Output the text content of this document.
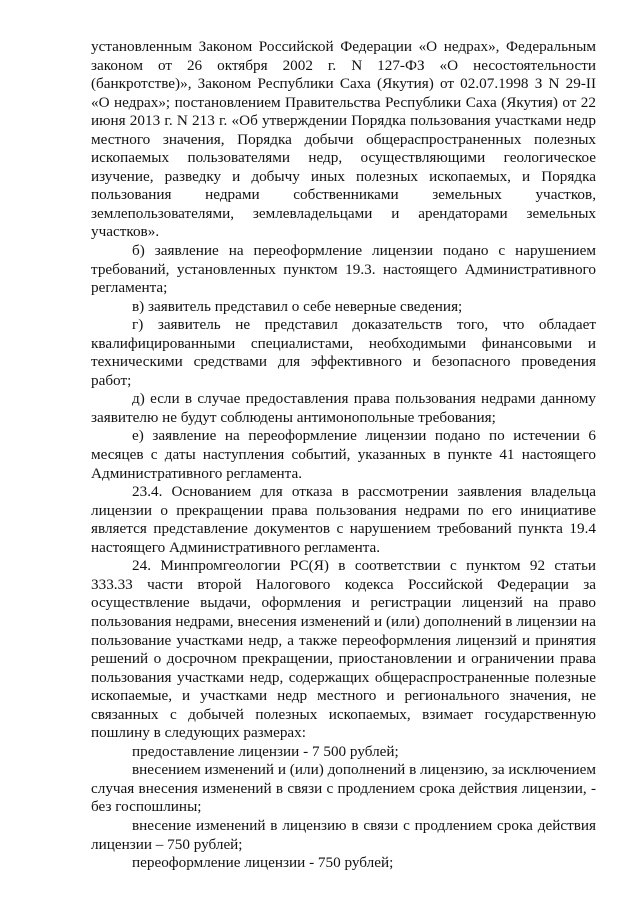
установленным Законом Российской Федерации «О недрах», Федеральным законом от 26 октября 2002 г. N 127-ФЗ «О несостоятельности (банкротстве)», Законом Республики Саха (Якутия) от 02.07.1998 З N 29-II «О недрах»; постановлением Правительства Республики Саха (Якутия) от 22 июня 2013 г. N 213 г. «Об утверждении Порядка пользования участками недр местного значения, Порядка добычи общераспространенных полезных ископаемых пользователями недр, осуществляющими геологическое изучение, разведку и добычу иных полезных ископаемых, и Порядка пользования недрами собственниками земельных участков, землепользователями, землевладельцами и арендаторами земельных участков».

б) заявление на переоформление лицензии подано с нарушением требований, установленных пунктом 19.3. настоящего Административного регламента;

в) заявитель представил о себе неверные сведения;

г) заявитель не представил доказательств того, что обладает квалифицированными специалистами, необходимыми финансовыми и техническими средствами для эффективного и безопасного проведения работ;

д) если в случае предоставления права пользования недрами данному заявителю не будут соблюдены антимонопольные требования;

е) заявление на переоформление лицензии подано по истечении 6 месяцев с даты наступления событий, указанных в пункте 41 настоящего Административного регламента.

23.4. Основанием для отказа в рассмотрении заявления владельца лицензии о прекращении права пользования недрами по его инициативе является представление документов с нарушением требований пункта 19.4 настоящего Административного регламента.

24. Минпромгеологии РС(Я) в соответствии с пунктом 92 статьи 333.33 части второй Налогового кодекса Российской Федерации за осуществление выдачи, оформления и регистрации лицензий на право пользования недрами, внесения изменений и (или) дополнений в лицензии на пользование участками недр, а также переоформления лицензий и принятия решений о досрочном прекращении, приостановлении и ограничении права пользования участками недр, содержащих общераспространенные полезные ископаемые, и участками недр местного и регионального значения, не связанных с добычей полезных ископаемых, взимает государственную пошлину в следующих размерах:

предоставление лицензии - 7 500 рублей;

внесением изменений и (или) дополнений в лицензию, за исключением случая внесения изменений в связи с продлением срока действия лицензии, - без госпошлины;

внесение изменений в лицензию в связи с продлением срока действия лицензии – 750 рублей;

переоформление лицензии - 750 рублей;
